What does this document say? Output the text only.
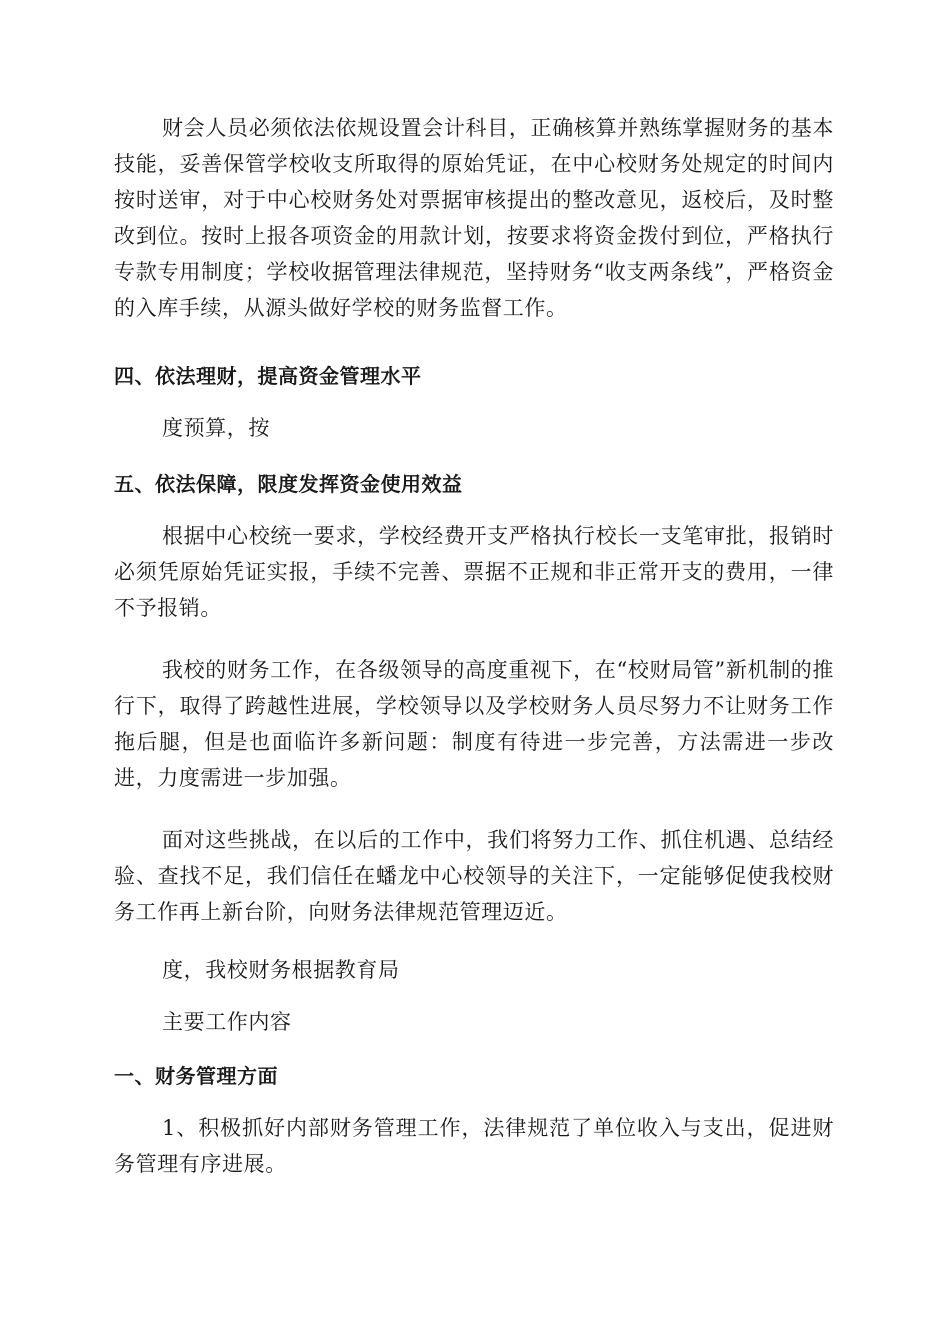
财会人员必须依法依规设置会计科目，正确核算并熟练掌握财务的基本技能，妥善保管学校收支所取得的原始凭证，在中心校财务处规定的时间内按时送审，对于中心校财务处对票据审核提出的整改意见，返校后，及时整改到位。按时上报各项资金的用款计划，按要求将资金拨付到位，严格执行专款专用制度；学校收据管理法律规范，坚持财务“收支两条线”，严格资金的入库手续，从源头做好学校的财务监督工作。

四、依法理财，提高资金管理水平

度预算，按

五、依法保障，限度发挥资金使用效益

根据中心校统一要求，学校经费开支严格执行校长一支笔审批，报销时必须凭原始凭证实报，手续不完善、票据不正规和非正常开支的费用，一律不予报销。

我校的财务工作，在各级领导的高度重视下，在“校财局管”新机制的推行下，取得了跨越性进展，学校领导以及学校财务人员尽努力不让财务工作拖后腿，但是也面临许多新问题：制度有待进一步完善，方法需进一步改进，力度需进一步加强。

面对这些挑战，在以后的工作中，我们将努力工作、抓住机遇、总结经验、查找不足，我们信任在蟠龙中心校领导的关注下，一定能够促使我校财务工作再上新台阶，向财务法律规范管理迈近。

度，我校财务根据教育局

主要工作内容

一、财务管理方面

1、积极抓好内部财务管理工作，法律规范了单位收入与支出，促进财务管理有序进展。
